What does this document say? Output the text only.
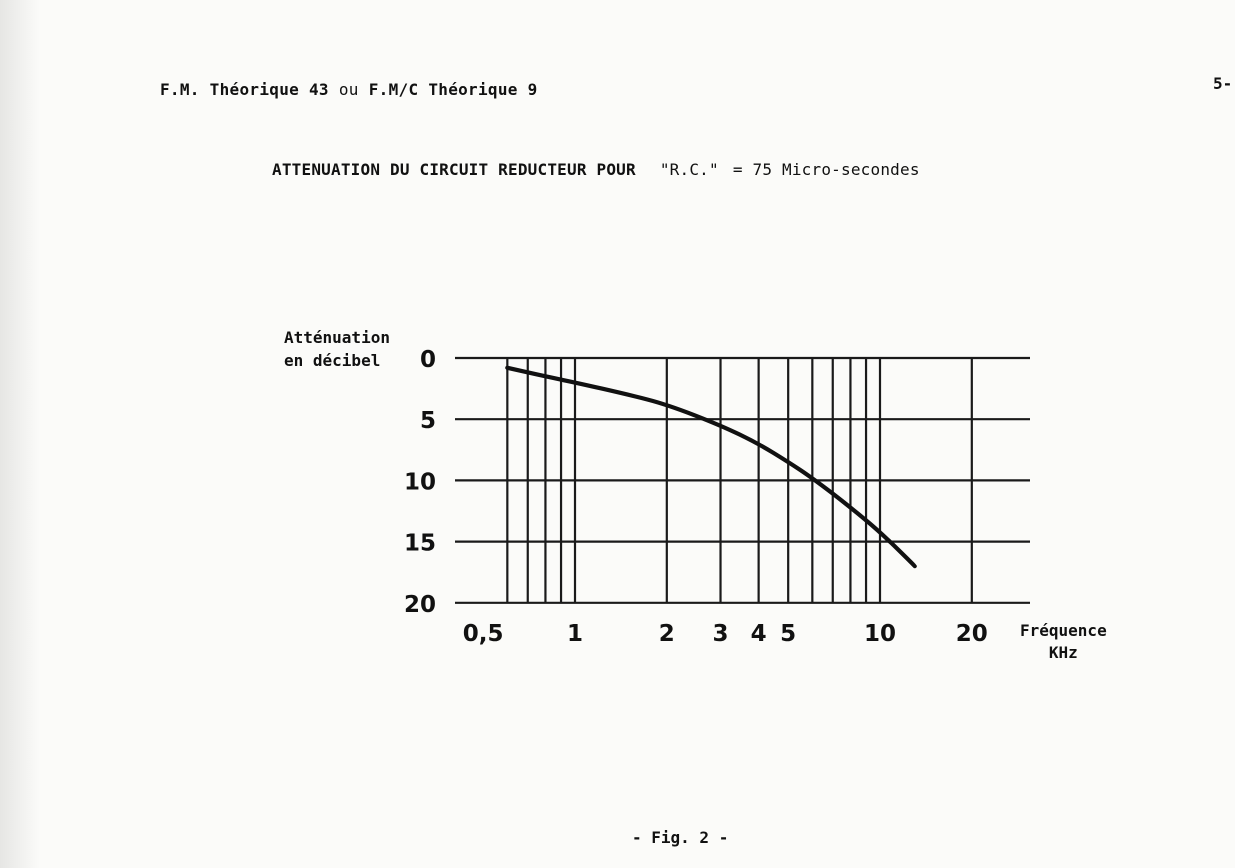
5-
F.M. Théorique 43 ou F.M/C Théorique 9
ATTENUATION DU CIRCUIT REDUCTEUR POUR "R.C." = 75 Micro-secondes
Atténuation
en décibel
Fréquence
KHz
0,5	1	2 3 4 5	10	20
0
5
10
15
20
- Fig. 2 -
